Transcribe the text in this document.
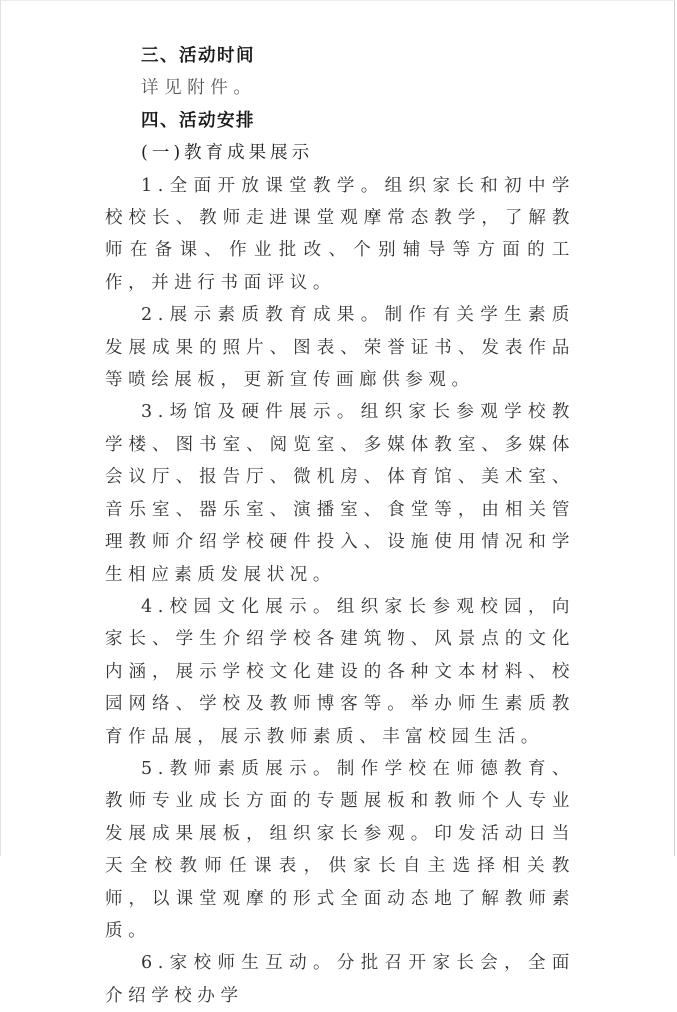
三、活动时间

详见附件。

四、活动安排

(一)教育成果展示

1.全面开放课堂教学。组织家长和初中学校校长、教师走进课堂观摩常态教学，了解教师在备课、作业批改、个别辅导等方面的工作，并进行书面评议。

2.展示素质教育成果。制作有关学生素质发展成果的照片、图表、荣誉证书、发表作品等喷绘展板，更新宣传画廊供参观。

3.场馆及硬件展示。组织家长参观学校教学楼、图书室、阅览室、多媒体教室、多媒体会议厅、报告厅、微机房、体育馆、美术室、音乐室、器乐室、演播室、食堂等，由相关管理教师介绍学校硬件投入、设施使用情况和学生相应素质发展状况。

4.校园文化展示。组织家长参观校园，向家长、学生介绍学校各建筑物、风景点的文化内涵，展示学校文化建设的各种文本材料、校园网络、学校及教师博客等。举办师生素质教育作品展，展示教师素质、丰富校园生活。

5.教师素质展示。制作学校在师德教育、教师专业成长方面的专题展板和教师个人专业发展成果展板，组织家长参观。印发活动日当天全校教师任课表，供家长自主选择相关教师，以课堂观摩的形式全面动态地了解教师素质。

6.家校师生互动。分批召开家长会，全面介绍学校办学
